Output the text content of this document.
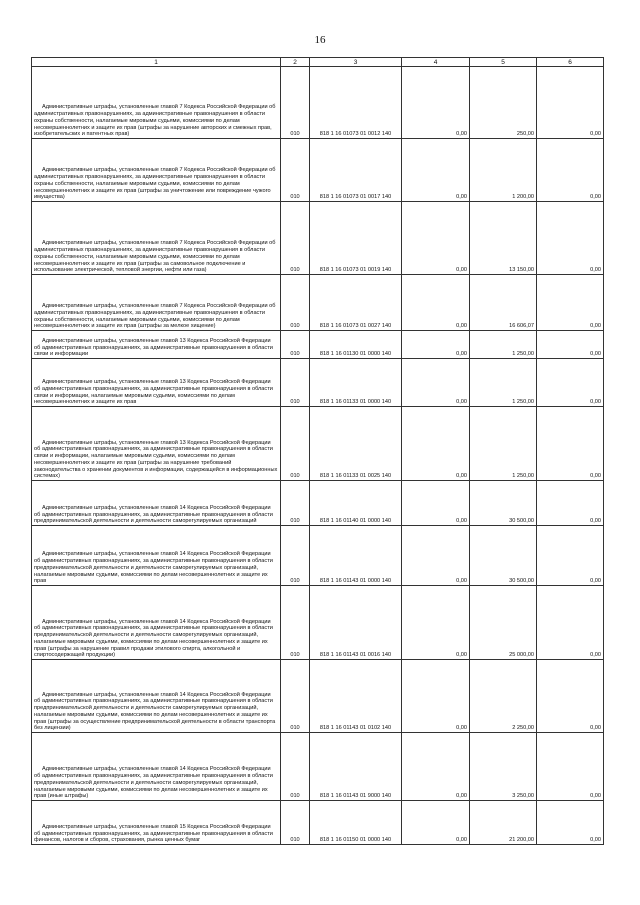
16
1	2	3	4	5	6

Административные штрафы, установленные главой 7 Кодекса Российской Федерации об административных правонарушениях, за административные правонарушения в области охраны собственности, налагаемые мировыми судьями, комиссиями по делам несовершеннолетних и защите их прав (штрафы за нарушение авторских и смежных прав, изобретательских и патентных прав)	010	818 1 16 01073 01 0012 140	0,00	250,00	0,00

Административные штрафы, установленные главой 7 Кодекса Российской Федерации об административных правонарушениях, за административные правонарушения в области охраны собственности, налагаемые мировыми судьями, комиссиями по делам несовершеннолетних и защите их прав (штрафы за уничтожение или повреждение чужого имущества)	010	818 1 16 01073 01 0017 140	0,00	1 200,00	0,00

Административные штрафы, установленные главой 7 Кодекса Российской Федерации об административных правонарушениях, за административные правонарушения в области охраны собственности, налагаемые мировыми судьями, комиссиями по делам несовершеннолетних и защите их прав (штрафы за самовольное подключение и использование электрической, тепловой энергии, нефти или газа)	010	818 1 16 01073 01 0019 140	0,00	13 150,00	0,00

Административные штрафы, установленные главой 7 Кодекса Российской Федерации об административных правонарушениях, за административные правонарушения в области охраны собственности, налагаемые мировыми судьями, комиссиями по делам несовершеннолетних и защите их прав (штрафы за мелкое хищение)	010	818 1 16 01073 01 0027 140	0,00	16 606,07	0,00

Административные штрафы, установленные главой 13 Кодекса Российской Федерации об административных правонарушениях, за административные правонарушения в области связи и информации	010	818 1 16 01130 01 0000 140	0,00	1 250,00	0,00

Административные штрафы, установленные главой 13 Кодекса Российской Федерации об административных правонарушениях, за административные правонарушения в области связи и информации, налагаемые мировыми судьями, комиссиями по делам несовершеннолетних и защите их прав	010	818 1 16 01133 01 0000 140	0,00	1 250,00	0,00

Административные штрафы, установленные главой 13 Кодекса Российской Федерации об административных правонарушениях, за административные правонарушения в области связи и информации, налагаемые мировыми судьями, комиссиями по делам несовершеннолетних и защите их прав (штрафы за нарушение требований законодательства о хранении документов и информации, содержащейся в информационных системах)	010	818 1 16 01133 01 0025 140	0,00	1 250,00	0,00

Административные штрафы, установленные главой 14 Кодекса Российской Федерации об административных правонарушениях, за административные правонарушения в области предпринимательской деятельности и деятельности саморегулируемых организаций	010	818 1 16 01140 01 0000 140	0,00	30 500,00	0,00

Административные штрафы, установленные главой 14 Кодекса Российской Федерации об административных правонарушениях, за административные правонарушения в области предпринимательской деятельности и деятельности саморегулируемых организаций, налагаемые мировыми судьями, комиссиями по делам несовершеннолетних и защите их прав	010	818 1 16 01143 01 0000 140	0,00	30 500,00	0,00

Административные штрафы, установленные главой 14 Кодекса Российской Федерации об административных правонарушениях, за административные правонарушения в области предпринимательской деятельности и деятельности саморегулируемых организаций, налагаемые мировыми судьями, комиссиями по делам несовершеннолетних и защите их прав (штрафы за нарушение правил продажи этилового спирта, алкогольной и спиртосодержащей продукции)	010	818 1 16 01143 01 0016 140	0,00	25 000,00	0,00

Административные штрафы, установленные главой 14 Кодекса Российской Федерации об административных правонарушениях, за административные правонарушения в области предпринимательской деятельности и деятельности саморегулируемых организаций, налагаемые мировыми судьями, комиссиями по делам несовершеннолетних и защите их прав (штрафы за осуществление предпринимательской деятельности в области транспорта без лицензии)	010	818 1 16 01143 01 0102 140	0,00	2 250,00	0,00

Административные штрафы, установленные главой 14 Кодекса Российской Федерации об административных правонарушениях, за административные правонарушения в области предпринимательской деятельности и деятельности саморегулируемых организаций, налагаемые мировыми судьями, комиссиями по делам несовершеннолетних и защите их прав (иные штрафы)	010	818 1 16 01143 01 9000 140	0,00	3 250,00	0,00

Административные штрафы, установленные главой 15 Кодекса Российской Федерации об административных правонарушениях, за административные правонарушения в области финансов, налогов и сборов, страхования, рынка ценных бумаг	010	818 1 16 01150 01 0000 140	0,00	21 200,00	0,00
